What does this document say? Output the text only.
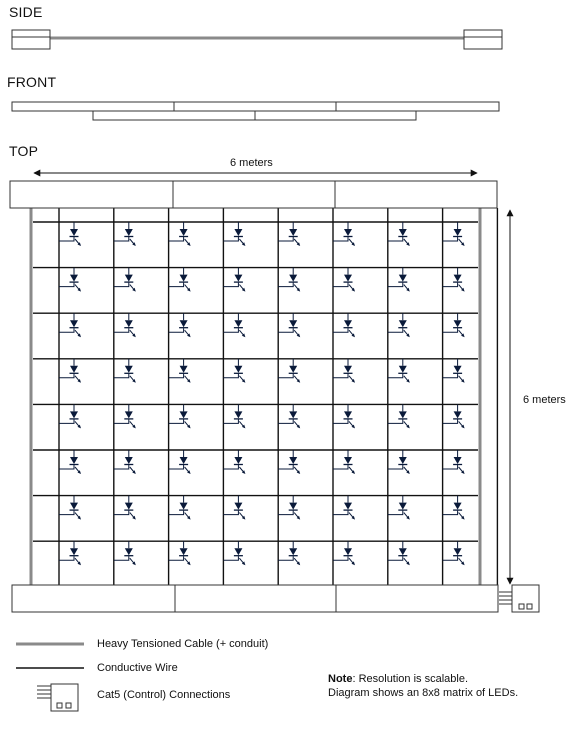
SIDE
FRONT
TOP
6 meters
6 meters
Heavy Tensioned Cable (+ conduit)
Conductive Wire
Cat5 (Control) Connections
Note: Resolution is scalable.
Diagram shows an 8x8 matrix of LEDs.
